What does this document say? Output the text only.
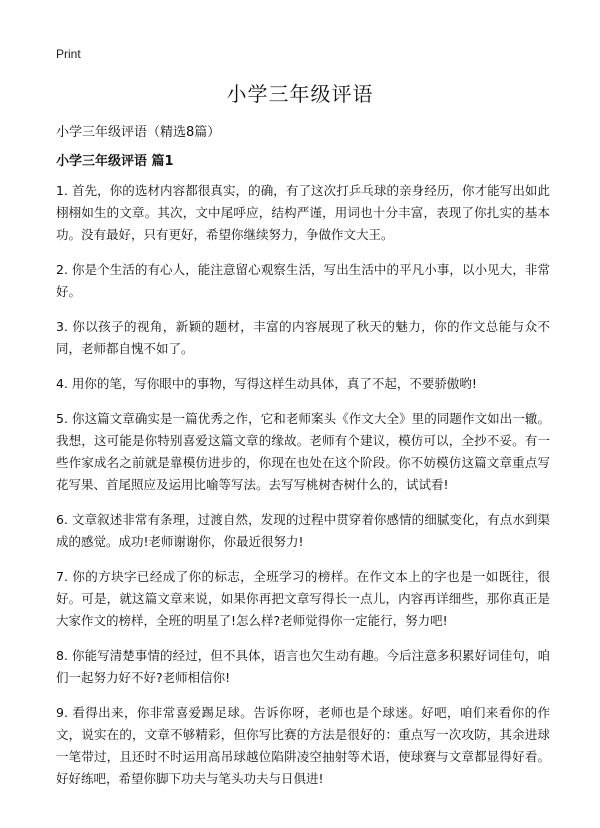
Print
小学三年级评语

小学三年级评语（精选8篇）

小学三年级评语 篇1
1. 首先，你的选材内容都很真实，的确，有了这次打乒乓球的亲身经历，你才能写出如此栩栩如生的文章。其次，文中尾呼应，结构严谨，用词也十分丰富，表现了你扎实的基本功。没有最好，只有更好，希望你继续努力，争做作文大王。
2. 你是个生活的有心人，能注意留心观察生活，写出生活中的平凡小事，以小见大，非常好。
3. 你以孩子的视角，新颖的题材，丰富的内容展现了秋天的魅力，你的作文总能与众不同，老师都自愧不如了。
4. 用你的笔，写你眼中的事物，写得这样生动具体，真了不起，不要骄傲哟!
5. 你这篇文章确实是一篇优秀之作，它和老师案头《作文大全》里的同题作文如出一辙。我想，这可能是你特别喜爱这篇文章的缘故。老师有个建议，模仿可以，全抄不妥。有一些作家成名之前就是靠模仿进步的，你现在也处在这个阶段。你不妨模仿这篇文章重点写花写果、首尾照应及运用比喻等写法。去写写桃树杏树什么的，试试看!
6. 文章叙述非常有条理，过渡自然，发现的过程中贯穿着你感情的细腻变化，有点水到渠成的感觉。成功!老师谢谢你，你最近很努力!
7. 你的方块字已经成了你的标志，全班学习的榜样。在作文本上的字也是一如既往，很好。可是，就这篇文章来说，如果你再把文章写得长一点儿，内容再详细些，那你真正是大家作文的榜样，全班的明星了!怎么样?老师觉得你一定能行，努力吧!
8. 你能写清楚事情的经过，但不具体，语言也欠生动有趣。今后注意多积累好词佳句，咱们一起努力好不好?老师相信你!
9. 看得出来，你非常喜爱踢足球。告诉你呀，老师也是个球迷。好吧，咱们来看你的作文，说实在的，文章不够精彩，但你写比赛的方法是很好的：重点写一次攻防，其余进球一笔带过，且还时不时运用高吊球越位陷阱凌空抽射等术语，使球赛与文章都显得好看。好好练吧，希望你脚下功夫与笔头功夫与日俱进!
